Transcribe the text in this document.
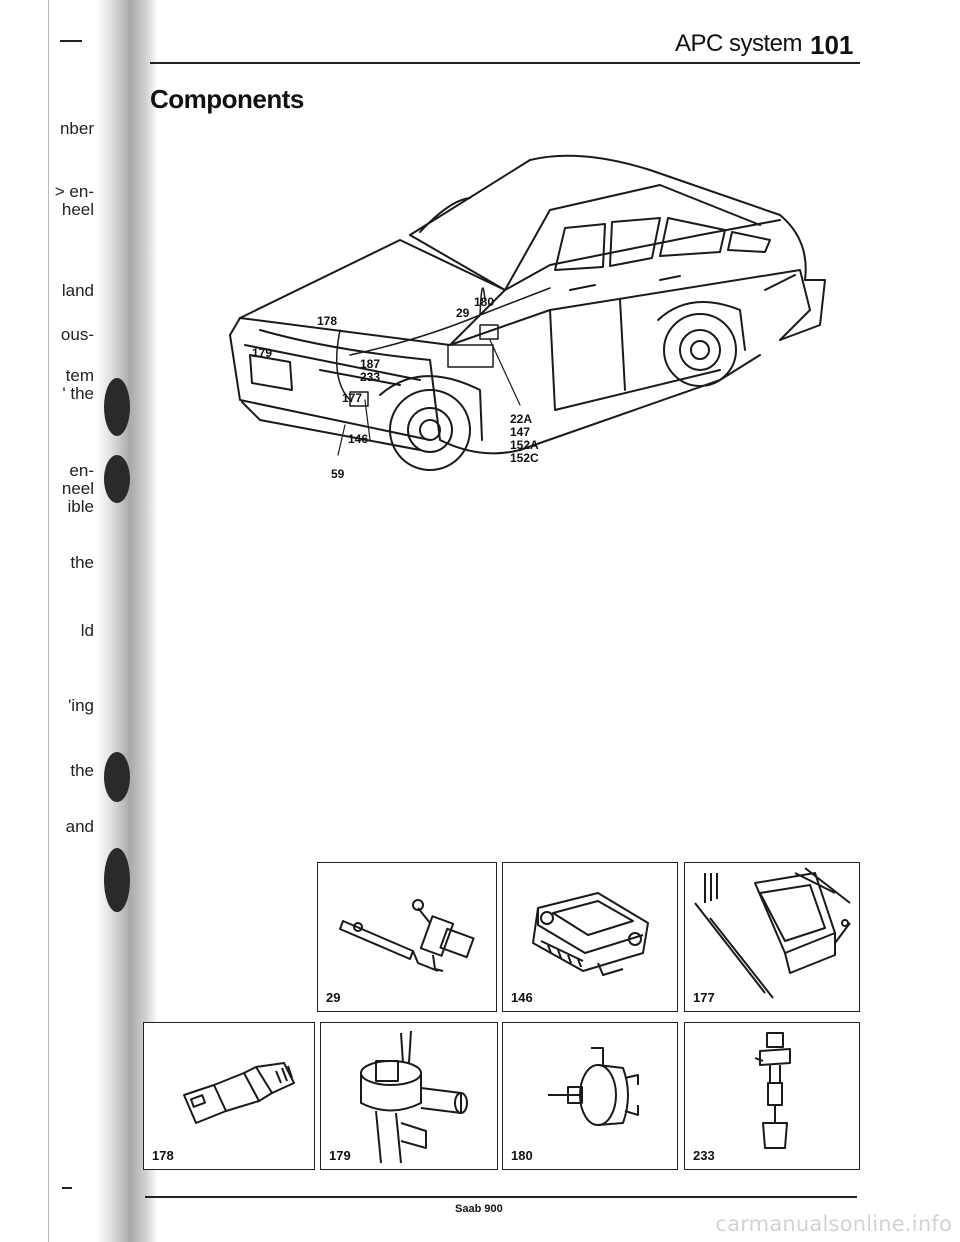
nber
> en-
heel
land
ous-
tem
' the
en-
neel
ible
the
ld
'ing
the
and
APC system 101
Components
178
179
180
29
187
233
177
146
59
22A
147
152A
152C
29	146	177
178	179	180	233
Saab 900
carmanualsonline.info
